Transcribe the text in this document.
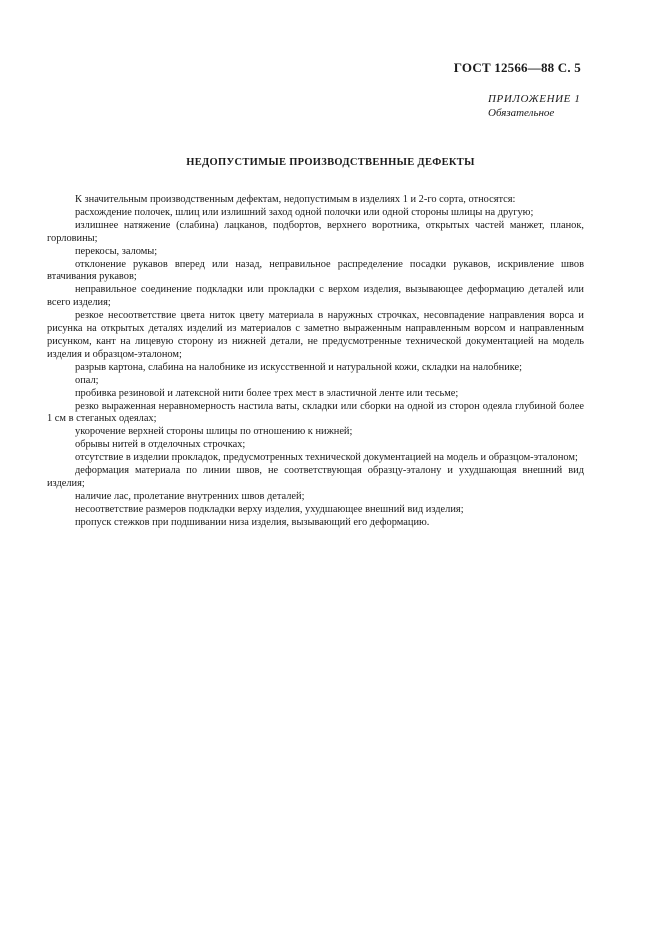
ГОСТ 12566—88 С. 5
ПРИЛОЖЕНИЕ 1
Обязательное
НЕДОПУСТИМЫЕ ПРОИЗВОДСТВЕННЫЕ ДЕФЕКТЫ

К значительным производственным дефектам, недопустимым в изделиях 1 и 2-го сорта, относятся:

расхождение полочек, шлиц или излишний заход одной полочки или одной стороны шлицы на другую;

излишнее натяжение (слабина) лацканов, подбортов, верхнего воротника, открытых частей манжет, планок, горловины;

перекосы, заломы;

отклонение рукавов вперед или назад, неправильное распределение посадки рукавов, искривление швов втачивания рукавов;

неправильное соединение подкладки или прокладки с верхом изделия, вызывающее деформацию деталей или всего изделия;

резкое несоответствие цвета ниток цвету материала в наружных строчках, несовпадение направления ворса и рисунка на открытых деталях изделий из материалов с заметно выраженным направленным ворсом и направленным рисунком, кант на лицевую сторону из нижней детали, не предусмотренные технической документацией на модель изделия и образцом-эталоном;

разрыв картона, слабина на налобнике из искусственной и натуральной кожи, складки на налобнике;

опал;

пробивка резиновой и латексной нити более трех мест в эластичной ленте или тесьме;

резко выраженная неравномерность настила ваты, складки или сборки на одной из сторон одеяла глубиной более 1 см в стеганых одеялах;

укорочение верхней стороны шлицы по отношению к нижней;

обрывы нитей в отделочных строчках;

отсутствие в изделии прокладок, предусмотренных технической документацией на модель и образцом-эталоном;

деформация материала по линии швов, не соответствующая образцу-эталону и ухудшающая внешний вид изделия;

наличие лас, пролетание внутренних швов деталей;

несоответствие размеров подкладки верху изделия, ухудшающее внешний вид изделия;

пропуск стежков при подшивании низа изделия, вызывающий его деформацию.
